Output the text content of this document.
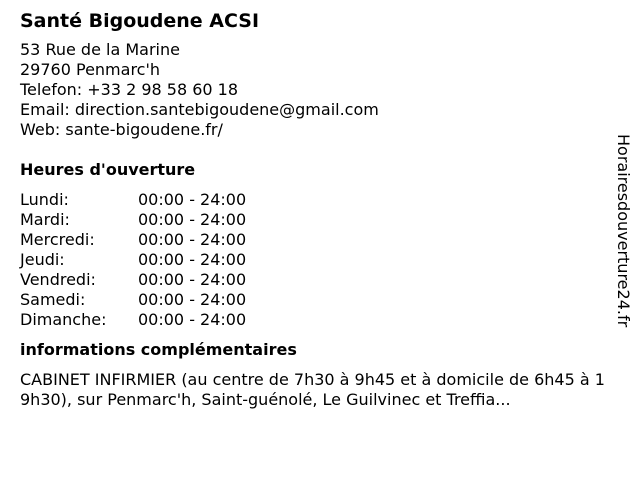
Santé Bigoudene ACSI
53 Rue de la Marine
29760 Penmarc'h
Telefon: +33 2 98 58 60 18
Email: direction.santebigoudene@gmail.com
Web: sante-bigoudene.fr/
Heures d'ouverture
Lundi:	00:00 - 24:00
Mardi:	00:00 - 24:00
Mercredi:	00:00 - 24:00
Jeudi:	00:00 - 24:00
Vendredi:	00:00 - 24:00
Samedi:	00:00 - 24:00
Dimanche: 00:00 - 24:00
informations complémentaires
CABINET INFIRMIER (au centre de 7h30 à 9h45 et à domicile de 6h45 à 19h30), sur Penmarc'h, Saint-guénolé, Le Guilvinec et Treffia...
Horairesdouverture24.fr
